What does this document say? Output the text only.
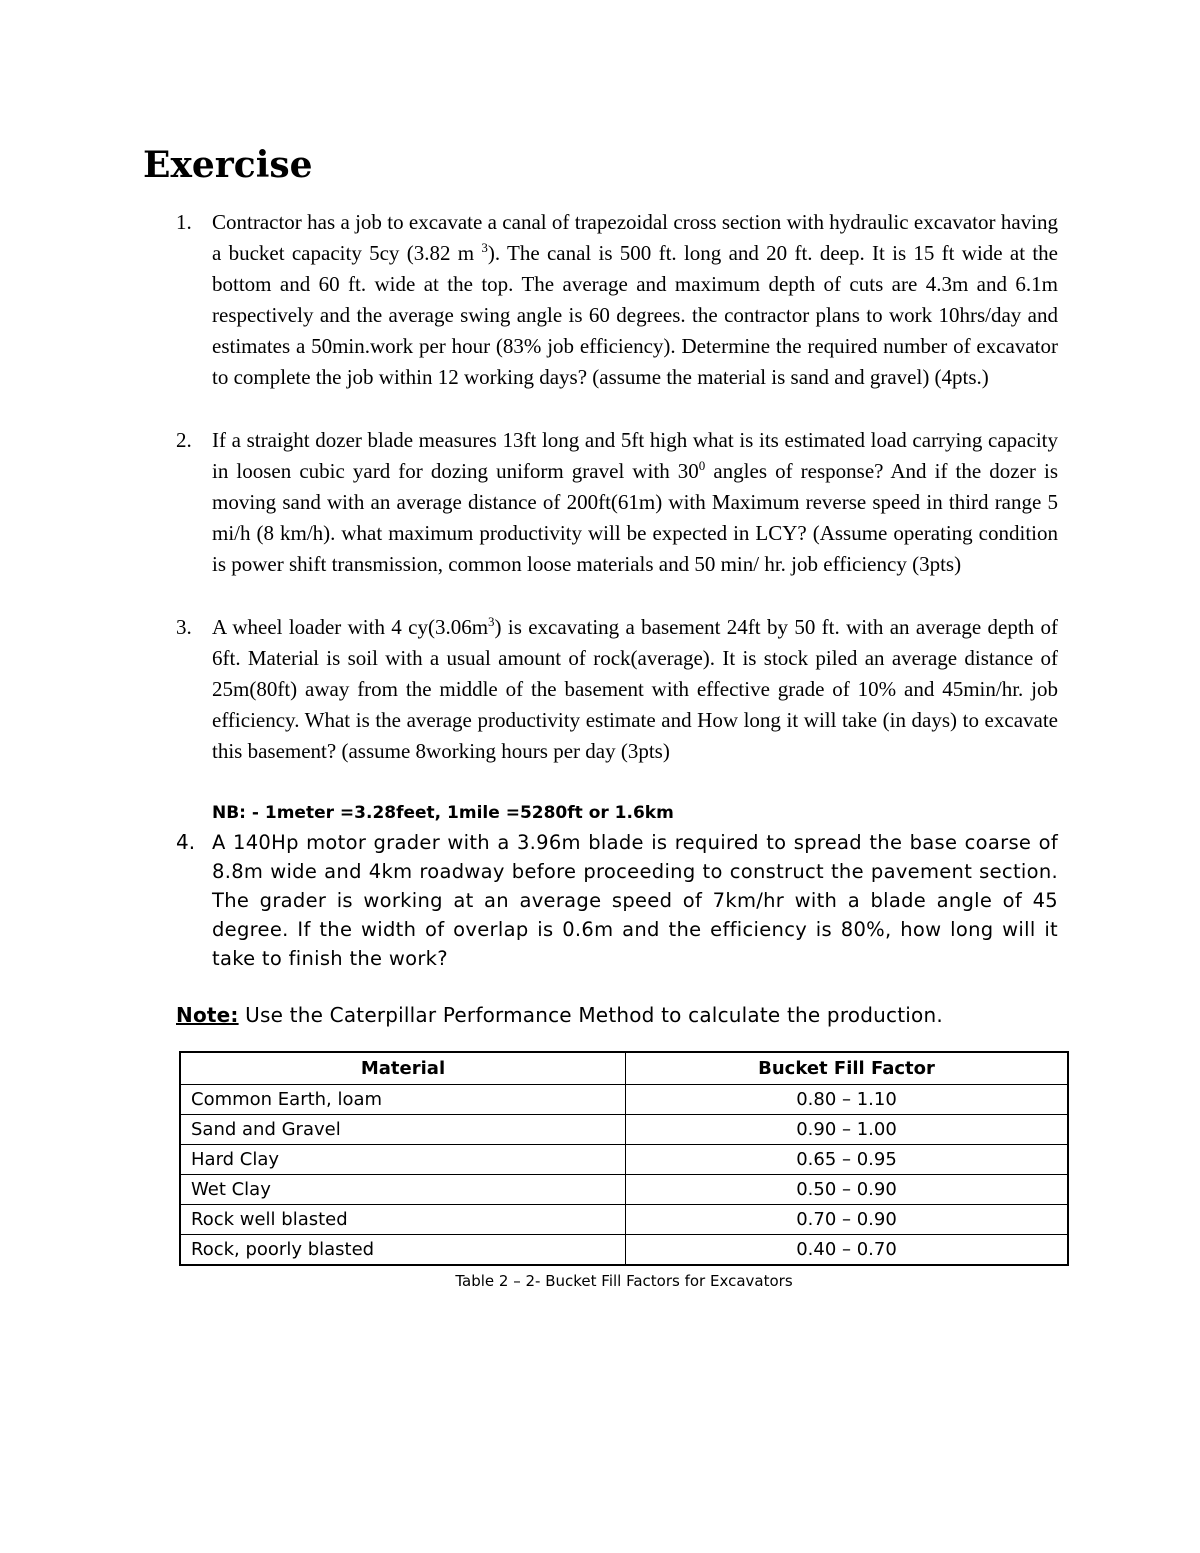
Exercise
1. Contractor has a job to excavate a canal of trapezoidal cross section with hydraulic excavator having a bucket capacity 5cy (3.82 m $^3$). The canal is 500 ft. long and 20 ft. deep. It is 15 ft wide at the bottom and 60 ft. wide at the top. The average and maximum depth of cuts are 4.3m and 6.1m respectively and the average swing angle is 60 degrees. the contractor plans to work 10hrs/day and estimates a 50min.work per hour (83% job efficiency). Determine the required number of excavator to complete the job within 12 working days? (assume the material is sand and gravel) (4pts.)
2. If a straight dozer blade measures 13ft long and 5ft high what is its estimated load carrying capacity in loosen cubic yard for dozing uniform gravel with $30^0$ angles of response? And if the dozer is moving sand with an average distance of 200ft(61m) with Maximum reverse speed in third range 5 mi/h (8 km/h). what maximum productivity will be expected in LCY? (Assume operating condition is power shift transmission, common loose materials and 50 min/ hr. job efficiency (3pts)
3. A wheel loader with 4 $cy(3.06m^3)$ is excavating a basement 24ft by 50 ft. with an average depth of 6ft. Material is soil with a usual amount of rock(average). It is stock piled an average distance of 25m(80ft) away from the middle of the basement with effective grade of 10% and 45min/hr. job efficiency. What is the average productivity estimate and How long it will take (in days) to excavate this basement? (assume 8working hours per day (3pts)
NB: - 1meter =3.28feet, 1mile =5280ft or 1.6km
4. A 140Hp motor grader with a 3.96m blade is required to spread the base coarse of 8.8m wide and 4km roadway before proceeding to construct the pavement section. The grader is working at an average speed of 7km/hr with a blade angle of 45 degree. If the width of overlap is 0.6m and the efficiency is 80%, how long will it take to finish the work?
Note: Use the Caterpillar Performance Method to calculate the production.
Material	Bucket Fill Factor
Common Earth, loam	0.80 – 1.10
Sand and Gravel	0.90 – 1.00
Hard Clay	0.65 – 0.95
Wet Clay	0.50 – 0.90
Rock well blasted	0.70 – 0.90
Rock, poorly blasted	0.40 – 0.70
Table 2 – 2- Bucket Fill Factors for Excavators
